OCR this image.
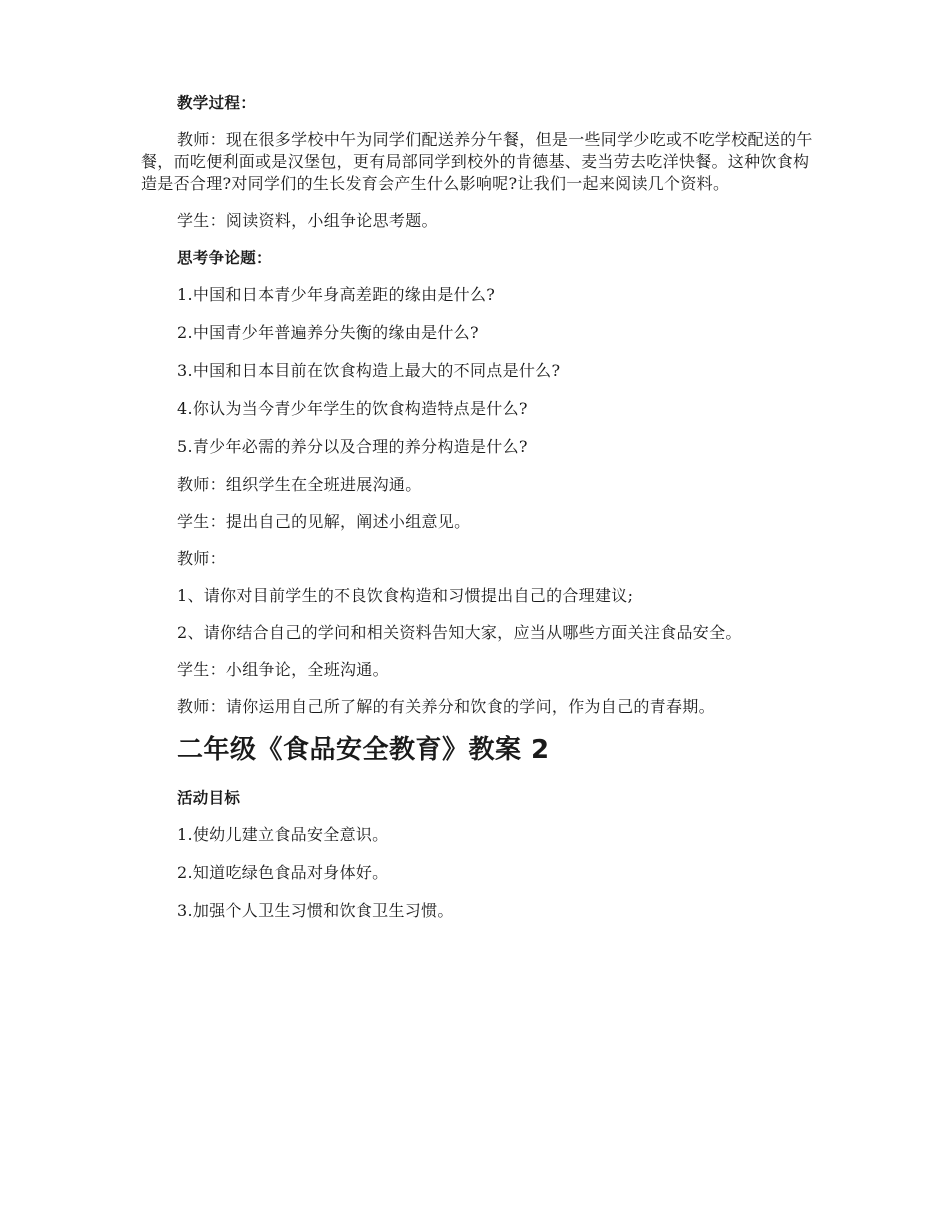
教学过程：

教师：现在很多学校中午为同学们配送养分午餐，但是一些同学少吃或不吃学校配送的午餐，而吃便利面或是汉堡包，更有局部同学到校外的肯德基、麦当劳去吃洋快餐。这种饮食构造是否合理?对同学们的生长发育会产生什么影响呢?让我们一起来阅读几个资料。

学生：阅读资料，小组争论思考题。

思考争论题：

1.中国和日本青少年身高差距的缘由是什么?

2.中国青少年普遍养分失衡的缘由是什么?

3.中国和日本目前在饮食构造上最大的不同点是什么?

4.你认为当今青少年学生的饮食构造特点是什么?

5.青少年必需的养分以及合理的养分构造是什么?

教师：组织学生在全班进展沟通。

学生：提出自己的见解，阐述小组意见。

教师：

1、请你对目前学生的不良饮食构造和习惯提出自己的合理建议;

2、请你结合自己的学问和相关资料告知大家，应当从哪些方面关注食品安全。

学生：小组争论，全班沟通。

教师：请你运用自己所了解的有关养分和饮食的学问，作为自己的青春期。

二年级《食品安全教育》教案 2

活动目标

1.使幼儿建立食品安全意识。

2.知道吃绿色食品对身体好。

3.加强个人卫生习惯和饮食卫生习惯。
